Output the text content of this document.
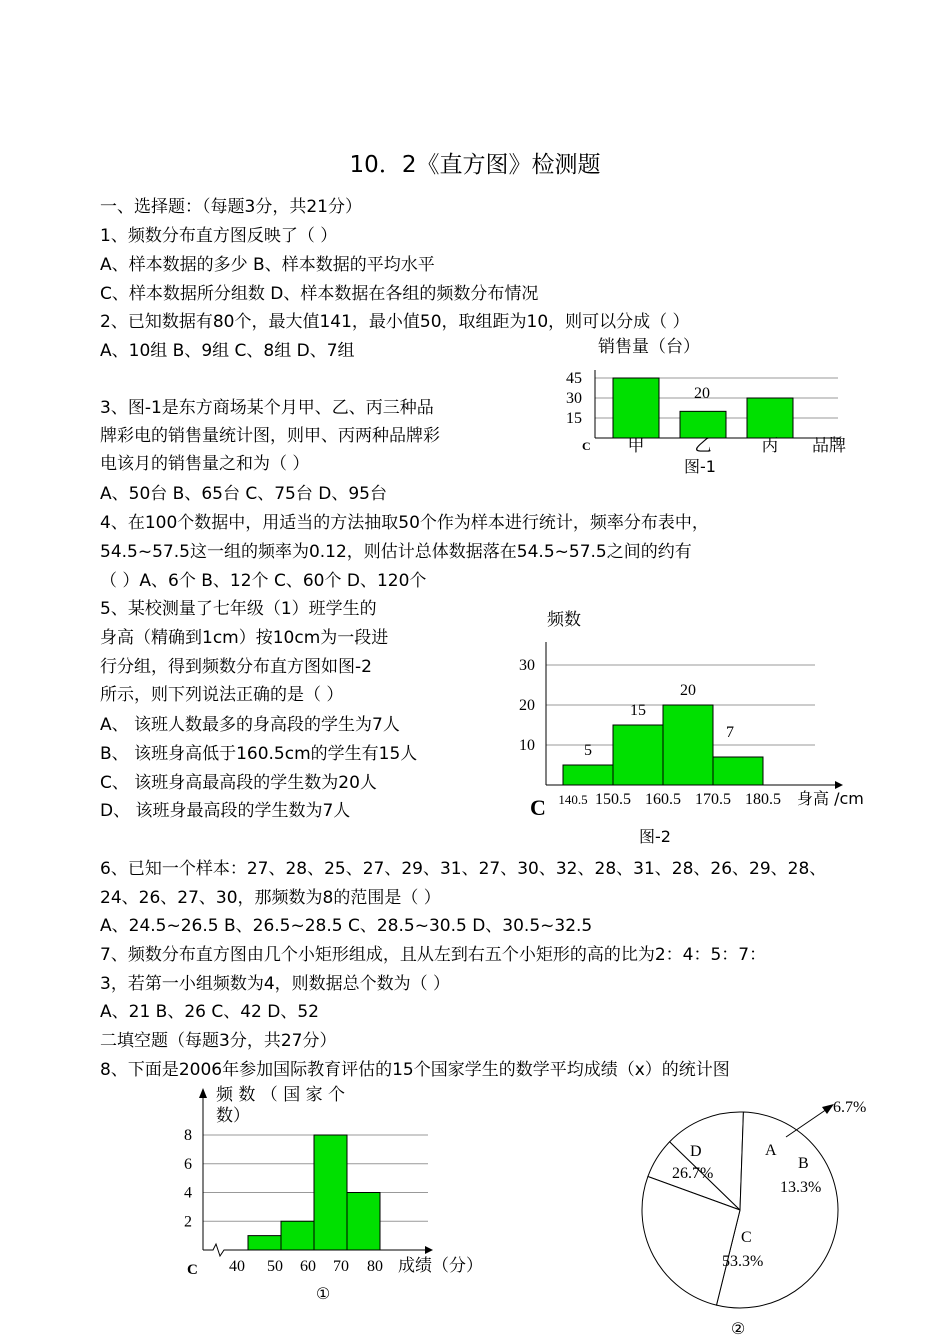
10．2《直方图》检测题
一、选择题：（每题3分，共21分）
1、频数分布直方图反映了（ ）
A、样本数据的多少 B、样本数据的平均水平
C、样本数据所分组数 D、样本数据在各组的频数分布情况
2、已知数据有80个，最大值141，最小值50，取组距为10，则可以分成（ ）
A、10组 B、9组 C、8组 D、7组
3、图-1是东方商场某个月甲、乙、丙三种品
牌彩电的销售量统计图，则甲、丙两种品牌彩
电该月的销售量之和为（ ）
A、50台 B、65台 C、75台 D、95台
4、在100个数据中，用适当的方法抽取50个作为样本进行统计，频率分布表中，
54.5~57.5这一组的频率为0.12，则估计总体数据落在54.5~57.5之间的约有
（ ）A、6个 B、12个 C、60个 D、120个
5、某校测量了七年级（1）班学生的
身高（精确到1cm）按10cm为一段进
行分组，得到频数分布直方图如图-2
所示，则下列说法正确的是（ ）
A、 该班人数最多的身高段的学生为7人
B、 该班身高低于160.5cm的学生有15人
C、 该班身高最高段的学生数为20人
D、 该班身最高段的学生数为7人
6、已知一个样本：27、28、25、27、29、31、27、30、32、28、31、28、26、29、28、
24、26、27、30，那频数为8的范围是（ ）
A、24.5~26.5 B、26.5~28.5 C、28.5~30.5 D、30.5~32.5
7、频数分布直方图由几个小矩形组成，且从左到右五个小矩形的高的比为2：4：5：7：
3，若第一小组频数为4，则数据总个数为（ ）
A、21 B、26 C、42 D、52
二填空题（每题3分，共27分）
8、下面是2006年参加国际教育评估的15个国家学生的数学平均成绩（x）的统计图
销售量（台）
45
30
15
20
C 甲	乙	丙 品牌
图-1
频数
30
20
10	5
15
20
7
C 140.5 150.5 160.5 170.5 180.5 身高 /cm
图-2
频 数 （ 国 家 个
数）
8
6
4
2
C 40 50 60 70 80 成绩（分）
①
A
6.7%
B
13.3%
C
53.3%
D
26.7%
②
